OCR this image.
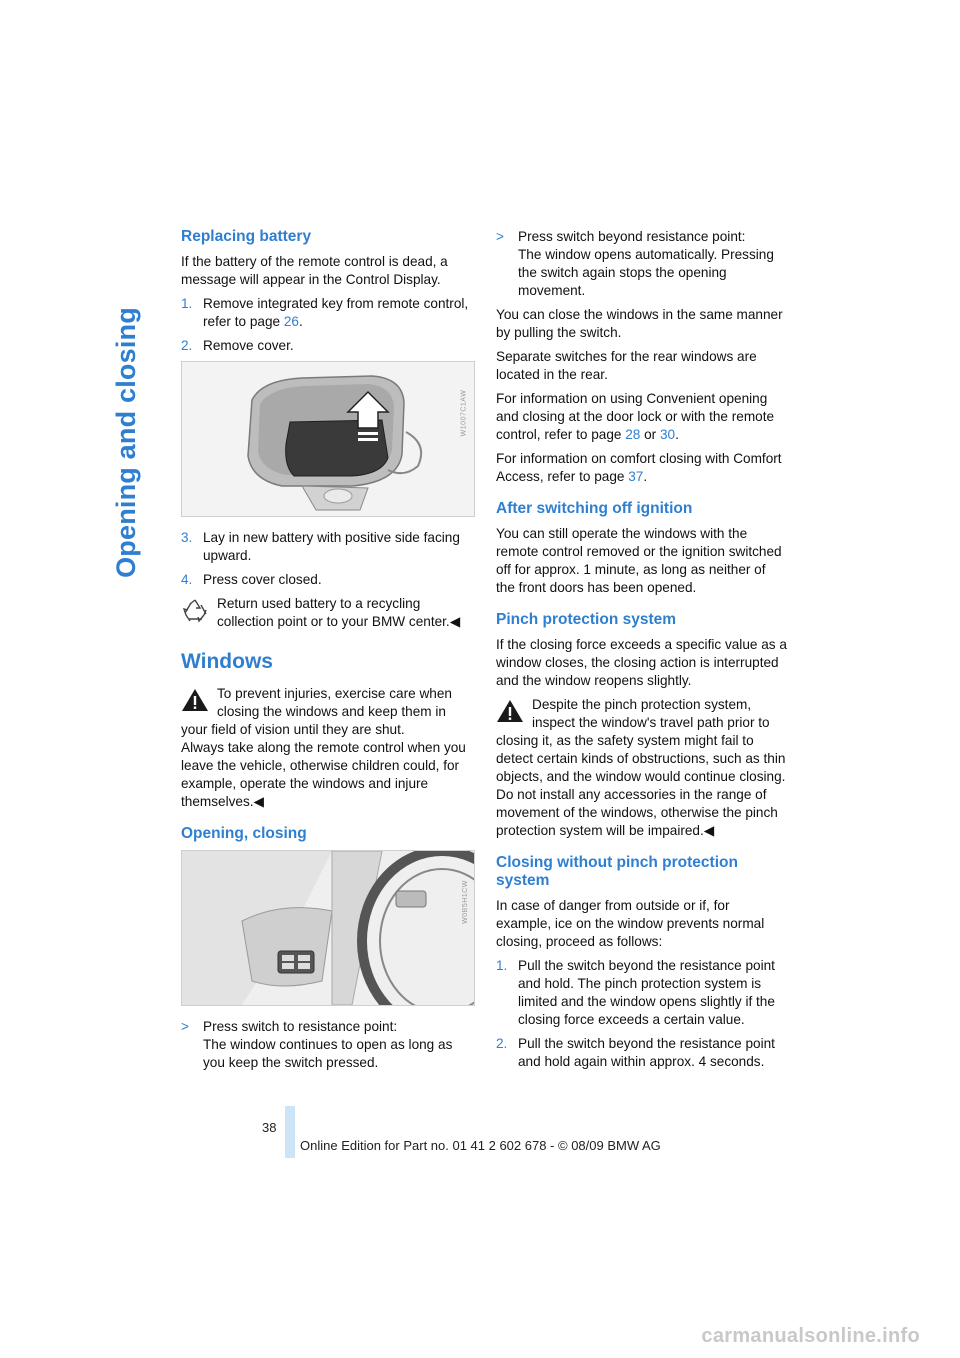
Opening and closing
Replacing battery

If the battery of the remote control is dead, a message will appear in the Control Display.

1. Remove integrated key from remote control, refer to page 26.
2. Remove cover.
W1007C1AW
3. Lay in new battery with positive side facing upward.
4. Press cover closed.
Return used battery to a recycling collection point or to your BMW center.◀
Windows
To prevent injuries, exercise care when closing the windows and keep them in
your field of vision until they are shut.
Always take along the remote control when you leave the vehicle, otherwise children could, for example, operate the windows and injure themselves.◀
Opening, closing
W0B5H1CW
>	Press switch to resistance point:
The window continues to open as long as you keep the switch pressed.
>	Press switch beyond resistance point:
The window opens automatically. Pressing the switch again stops the opening movement.

You can close the windows in the same manner by pulling the switch.

Separate switches for the rear windows are located in the rear.

For information on using Convenient opening and closing at the door lock or with the remote control, refer to page 28 or 30.

For information on comfort closing with Comfort Access, refer to page 37.

After switching off ignition

You can still operate the windows with the remote control removed or the ignition switched off for approx. 1 minute, as long as neither of the front doors has been opened.

Pinch protection system

If the closing force exceeds a specific value as a window closes, the closing action is interrupted and the window reopens slightly.

Despite the pinch protection system, inspect the window's travel path prior to
closing it, as the safety system might fail to detect certain kinds of obstructions, such as thin objects, and the window would continue closing.
Do not install any accessories in the range of movement of the windows, otherwise the pinch protection system will be impaired.◀
Closing without pinch protection system

In case of danger from outside or if, for example, ice on the window prevents normal closing, proceed as follows:

1. Pull the switch beyond the resistance point and hold. The pinch protection system is limited and the window opens slightly if the closing force exceeds a certain value.
2. Pull the switch beyond the resistance point and hold again within approx. 4 seconds.
38
Online Edition for Part no. 01 41 2 602 678 - © 08/09 BMW AG
carmanualsonline.info
